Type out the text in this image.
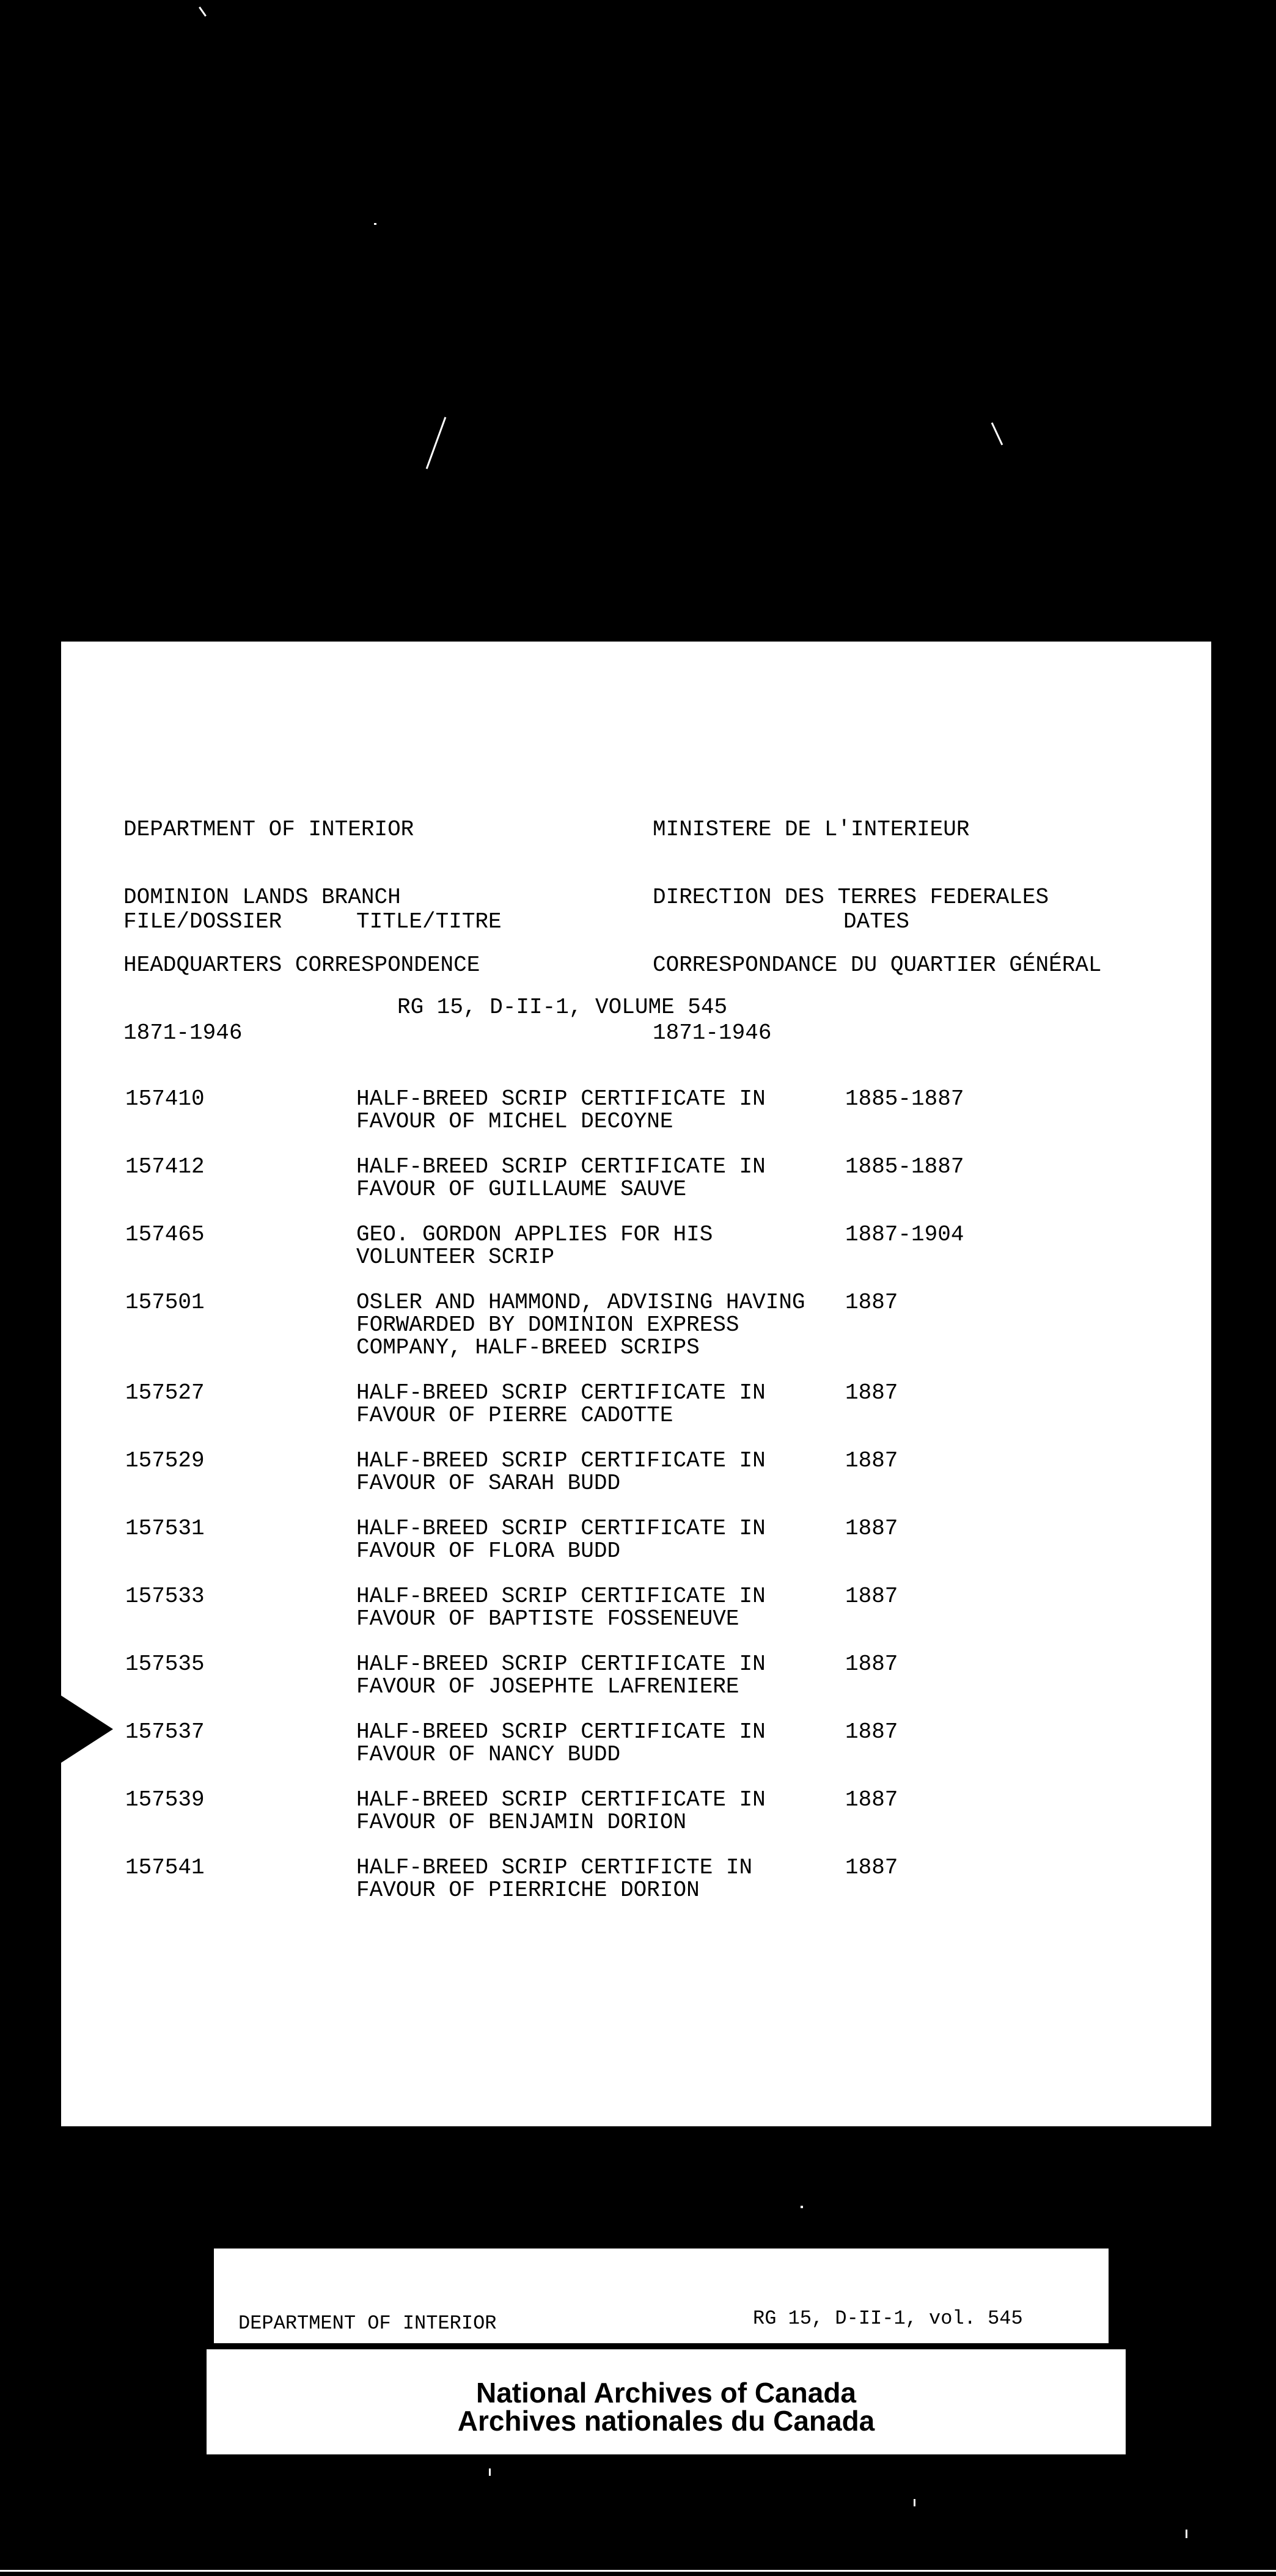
DEPARTMENT OF INTERIOR

DOMINION LANDS BRANCH

HEADQUARTERS CORRESPONDENCE

1871-1946

MINISTERE DE L'INTERIEUR

DIRECTION DES TERRES FEDERALES

CORRESPONDANCE DU QUARTIER GÉNÉRAL

1871-1946

FILE/DOSSIER	TITLE/TITRE	DATES
RG 15, D-II-1, VOLUME 545
157410	HALF-BREED SCRIP CERTIFICATE IN
FAVOUR OF MICHEL DECOYNE
1885-1887
157412	HALF-BREED SCRIP CERTIFICATE IN
FAVOUR OF GUILLAUME SAUVE
1885-1887
157465	GEO. GORDON APPLIES FOR HIS
VOLUNTEER SCRIP
1887-1904
157501	OSLER AND HAMMOND, ADVISING HAVING
FORWARDED BY DOMINION EXPRESS
COMPANY, HALF-BREED SCRIPS
1887
157527	HALF-BREED SCRIP CERTIFICATE IN
FAVOUR OF PIERRE CADOTTE
1887
157529	HALF-BREED SCRIP CERTIFICATE IN
FAVOUR OF SARAH BUDD
1887
157531	HALF-BREED SCRIP CERTIFICATE IN
FAVOUR OF FLORA BUDD
1887
157533	HALF-BREED SCRIP CERTIFICATE IN
FAVOUR OF BAPTISTE FOSSENEUVE
1887
157535	HALF-BREED SCRIP CERTIFICATE IN
FAVOUR OF JOSEPHTE LAFRENIERE
1887
157537	HALF-BREED SCRIP CERTIFICATE IN
FAVOUR OF NANCY BUDD
1887
157539	HALF-BREED SCRIP CERTIFICATE IN
FAVOUR OF BENJAMIN DORION
1887
157541	HALF-BREED SCRIP CERTIFICTE IN
FAVOUR OF PIERRICHE DORION
1887

DEPARTMENT OF INTERIOR

	RG 15, D-II-1, vol. 545

National Archives of Canada
Archives nationales du Canada
